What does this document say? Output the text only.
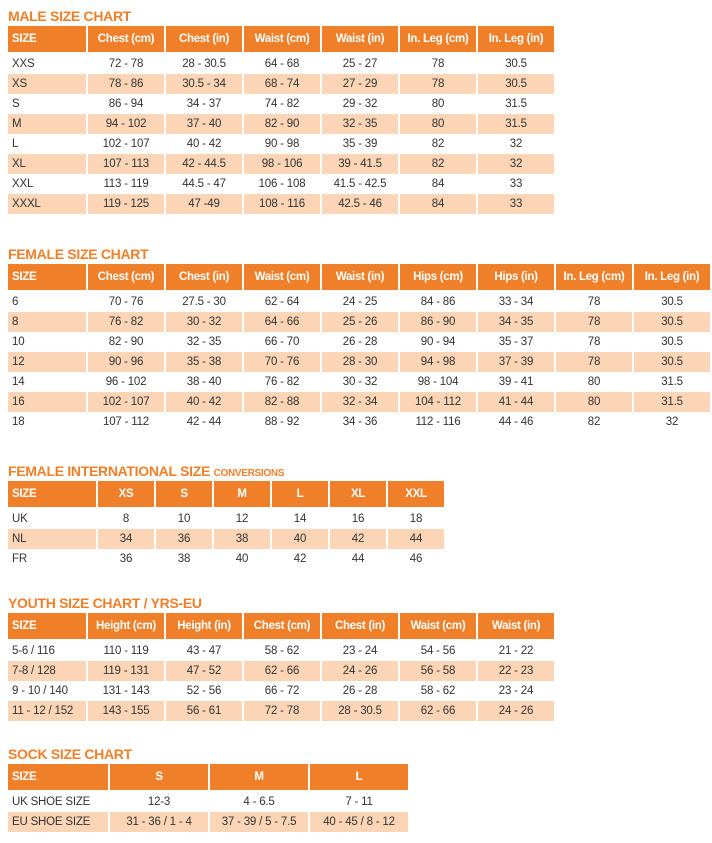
MALE SIZE CHART
SIZE	Chest (cm)	Chest (in)	Waist (cm)	Waist (in)	In. Leg (cm)	In. Leg (in)
XXS	72 - 78	28 - 30.5	64 - 68	25 - 27	78	30.5
XS	78 - 86	30.5 - 34	68 - 74	27 - 29	78	30.5
S	86 - 94	34 - 37	74 - 82	29 - 32	80	31.5
M	94 - 102	37 - 40	82 - 90	32 - 35	80	31.5
L	102 - 107	40 - 42	90 - 98	35 - 39	82	32
XL	107 - 113	42 - 44.5	98 - 106	39 - 41.5	82	32
XXL	113 - 119	44.5 - 47	106 - 108	41.5 - 42.5	84	33
XXXL	119 - 125	47 -49	108 - 116	42.5 - 46	84	33
FEMALE SIZE CHART
SIZE	Chest (cm)	Chest (in)	Waist (cm)	Waist (in)	Hips (cm)	Hips (in)	In. Leg (cm)	In. Leg (in)
6	70 - 76	27.5 - 30	62 - 64	24 - 25	84 - 86	33 - 34	78	30.5
8	76 - 82	30 - 32	64 - 66	25 - 26	86 - 90	34 - 35	78	30.5
10	82 - 90	32 - 35	66 - 70	26 - 28	90 - 94	35 - 37	78	30.5
12	90 - 96	35 - 38	70 - 76	28 - 30	94 - 98	37 - 39	78	30.5
14	96 - 102	38 - 40	76 - 82	30 - 32	98 - 104	39 - 41	80	31.5
16	102 - 107	40 - 42	82 - 88	32 - 34	104 - 112	41 - 44	80	31.5
18	107 - 112	42 - 44	88 - 92	34 - 36	112 - 116	44 - 46	82	32
FEMALE INTERNATIONAL SIZE CONVERSIONS
SIZE	XS	S	M	L	XL	XXL
UK	8	10	12	14	16	18
NL	34	36	38	40	42	44
FR	36	38	40	42	44	46
YOUTH SIZE CHART / YRS-EU
SIZE	Height (cm)	Height (in)	Chest (cm)	Chest (in)	Waist (cm)	Waist (in)
5-6 / 116	110 - 119	43 - 47	58 - 62	23 - 24	54 - 56	21 - 22
7-8 / 128	119 - 131	47 - 52	62 - 66	24 - 26	56 - 58	22 - 23
9 - 10 / 140	131 - 143	52 - 56	66 - 72	26 - 28	58 - 62	23 - 24
11 - 12 / 152	143 - 155	56 - 61	72 - 78	28 - 30.5	62 - 66	24 - 26
SOCK SIZE CHART
SIZE	S	M	L
UK SHOE SIZE	12-3	4 - 6.5	7 - 11
EU SHOE SIZE	31 - 36 / 1 - 4	37 - 39 / 5 - 7.5	40 - 45 / 8 - 12
